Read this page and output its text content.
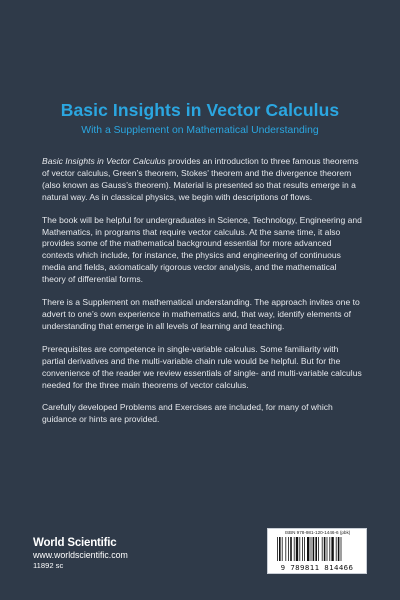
Basic Insights in Vector Calculus
With a Supplement on Mathematical Understanding

Basic Insights in Vector Calculus provides an introduction to three famous theorems of vector calculus, Green’s theorem, Stokes’ theorem and the divergence theorem (also known as Gauss’s theorem). Material is presented so that results emerge in a natural way. As in classical physics, we begin with descriptions of flows.

The book will be helpful for undergraduates in Science, Technology, Engineering and Mathematics, in programs that require vector calculus. At the same time, it also provides some of the mathematical background essential for more advanced contexts which include, for instance, the physics and engineering of continuous media and fields, axiomatically rigorous vector analysis, and the mathematical theory of differential forms.

There is a Supplement on mathematical understanding. The approach invites one to advert to one’s own experience in mathematics and, that way, identify elements of understanding that emerge in all levels of learning and teaching.

Prerequisites are competence in single-variable calculus. Some familiarity with partial derivatives and the multi-variable chain rule would be helpful. But for the convenience of the reader we review essentials of single- and multi-variable calculus needed for the three main theorems of vector calculus.

Carefully developed Problems and Exercises are included, for many of which guidance or hints are provided.

World Scientific
www.worldscientific.com
11892 sc
ISBN 978-981-120-1446-6 (pbk)
9 789811 814466
